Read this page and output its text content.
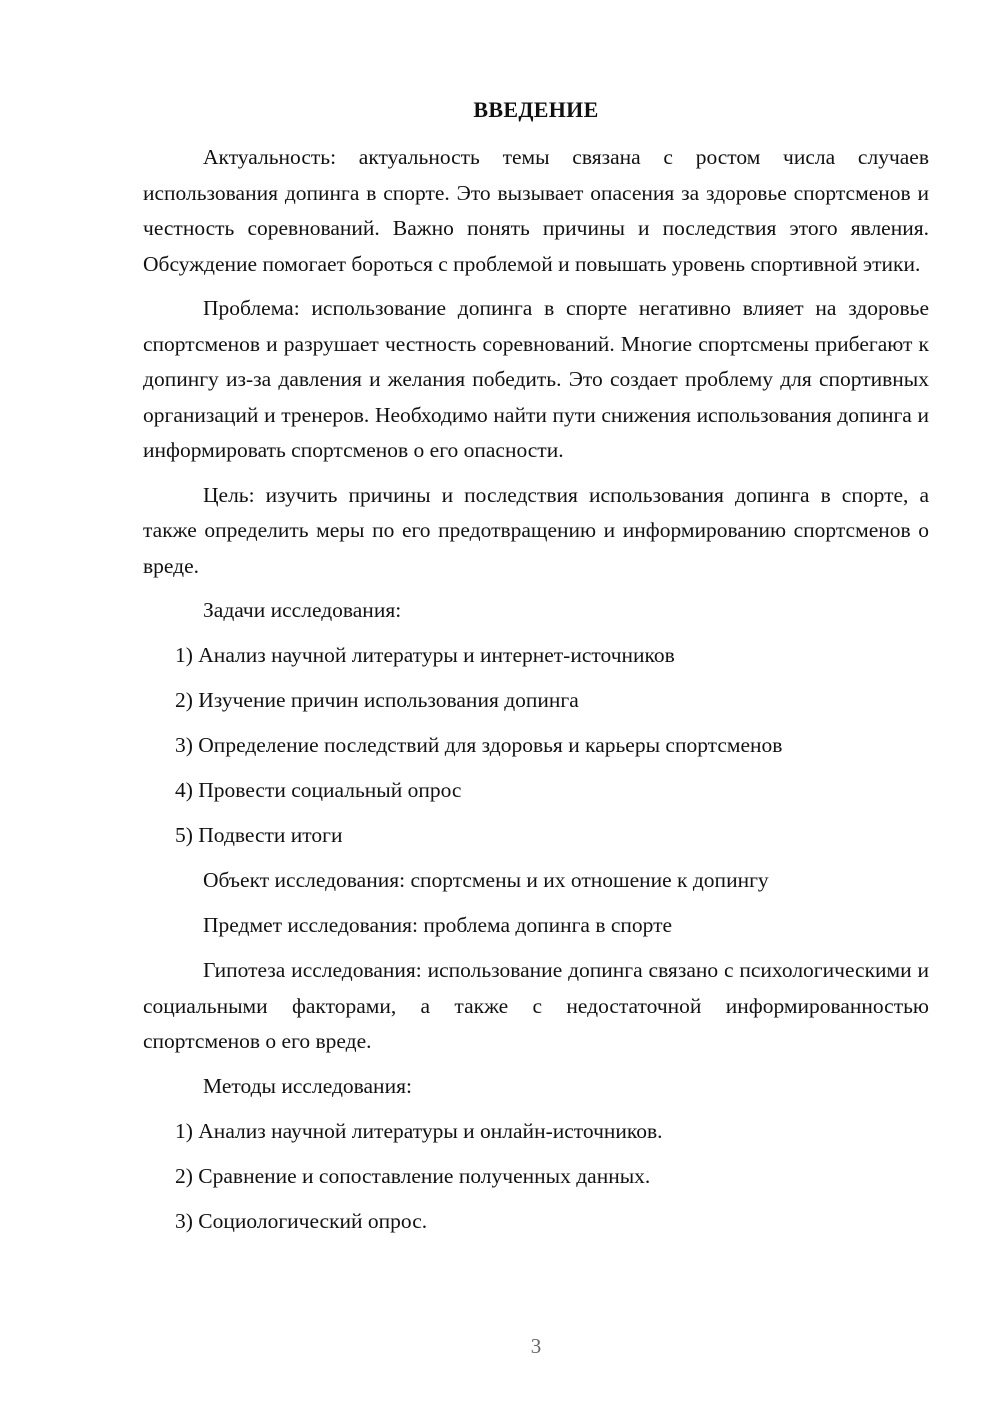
ВВЕДЕНИЕ

Актуальность: актуальность темы связана с ростом числа случаев использования допинга в спорте. Это вызывает опасения за здоровье спортсменов и честность соревнований. Важно понять причины и последствия этого явления. Обсуждение помогает бороться с проблемой и повышать уровень спортивной этики.

Проблема: использование допинга в спорте негативно влияет на здоровье спортсменов и разрушает честность соревнований. Многие спортсмены прибегают к допингу из-за давления и желания победить. Это создает проблему для спортивных организаций и тренеров. Необходимо найти пути снижения использования допинга и информировать спортсменов о его опасности.

Цель: изучить причины и последствия использования допинга в спорте, а также определить меры по его предотвращению и информированию спортсменов о вреде.

Задачи исследования:
1) Анализ научной литературы и интернет-источников
2) Изучение причин использования допинга
3) Определение последствий для здоровья и карьеры спортсменов
4) Провести социальный опрос
5) Подвести итоги
Объект исследования: спортсмены и их отношение к допингу
Предмет исследования: проблема допинга в спорте

Гипотеза исследования: использование допинга связано с психологическими и социальными факторами, а также с недостаточной информированностью спортсменов о его вреде.

Методы исследования:
1) Анализ научной литературы и онлайн-источников.
2) Сравнение и сопоставление полученных данных.
3) Социологический опрос.
3
